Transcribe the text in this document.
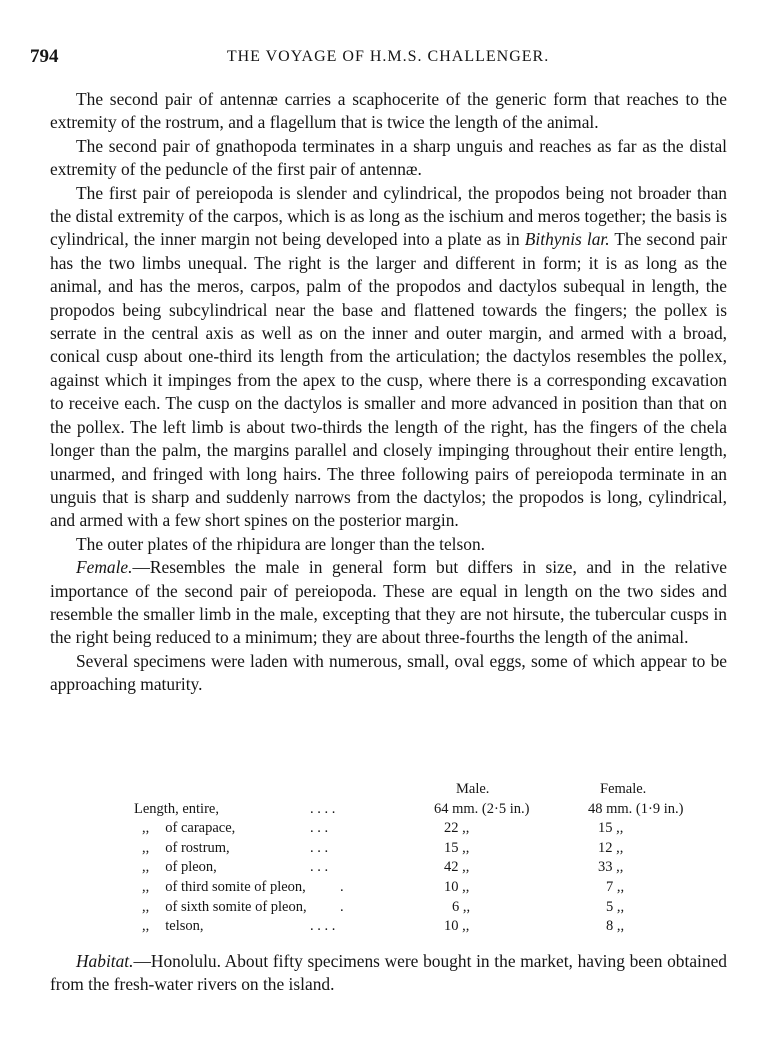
794	THE VOYAGE OF H.M.S. CHALLENGER.

The second pair of antennæ carries a scaphocerite of the generic form that reaches to the extremity of the rostrum, and a flagellum that is twice the length of the animal.

The second pair of gnathopoda terminates in a sharp unguis and reaches as far as the distal extremity of the peduncle of the first pair of antennæ.

The first pair of pereiopoda is slender and cylindrical, the propodos being not broader than the distal extremity of the carpos, which is as long as the ischium and meros together; the basis is cylindrical, the inner margin not being developed into a plate as in Bithynis lar. The second pair has the two limbs unequal. The right is the larger and different in form; it is as long as the animal, and has the meros, carpos, palm of the propodos and dactylos subequal in length, the propodos being subcylindrical near the base and flattened towards the fingers; the pollex is serrate in the central axis as well as on the inner and outer margin, and armed with a broad, conical cusp about one-third its length from the articulation; the dactylos resembles the pollex, against which it impinges from the apex to the cusp, where there is a corresponding excavation to receive each. The cusp on the dactylos is smaller and more advanced in position than that on the pollex. The left limb is about two-thirds the length of the right, has the fingers of the chela longer than the palm, the margins parallel and closely impinging throughout their entire length, unarmed, and fringed with long hairs. The three following pairs of pereiopoda terminate in an unguis that is sharp and suddenly narrows from the dactylos; the propodos is long, cylindrical, and armed with a few short spines on the posterior margin.

The outer plates of the rhipidura are longer than the telson.

Female.—Resembles the male in general form but differs in size, and in the relative importance of the second pair of pereiopoda. These are equal in length on the two sides and resemble the smaller limb in the male, excepting that they are not hirsute, the tubercular cusps in the right being reduced to a minimum; they are about three-fourths the length of the animal.

Several specimens were laden with numerous, small, oval eggs, some of which appear to be approaching maturity.

		Male.	Female.
Length, entire,	. . . .	64 mm. (2·5 in.)	48 mm. (1·9 in.)
,, of carapace,	. . .	22 ,,	15 ,,
,, of rostrum,	. . .	15 ,,	12 ,,
,, of pleon,	. . .	42 ,,	33 ,,
,, of third somite of pleon,	.	10 ,,	7 ,,
,, of sixth somite of pleon,	.	6 ,,	5 ,,
,, telson,	. . . .	10 ,,	8 ,,

Habitat.—Honolulu. About fifty specimens were bought in the market, having been obtained from the fresh-water rivers on the island.
